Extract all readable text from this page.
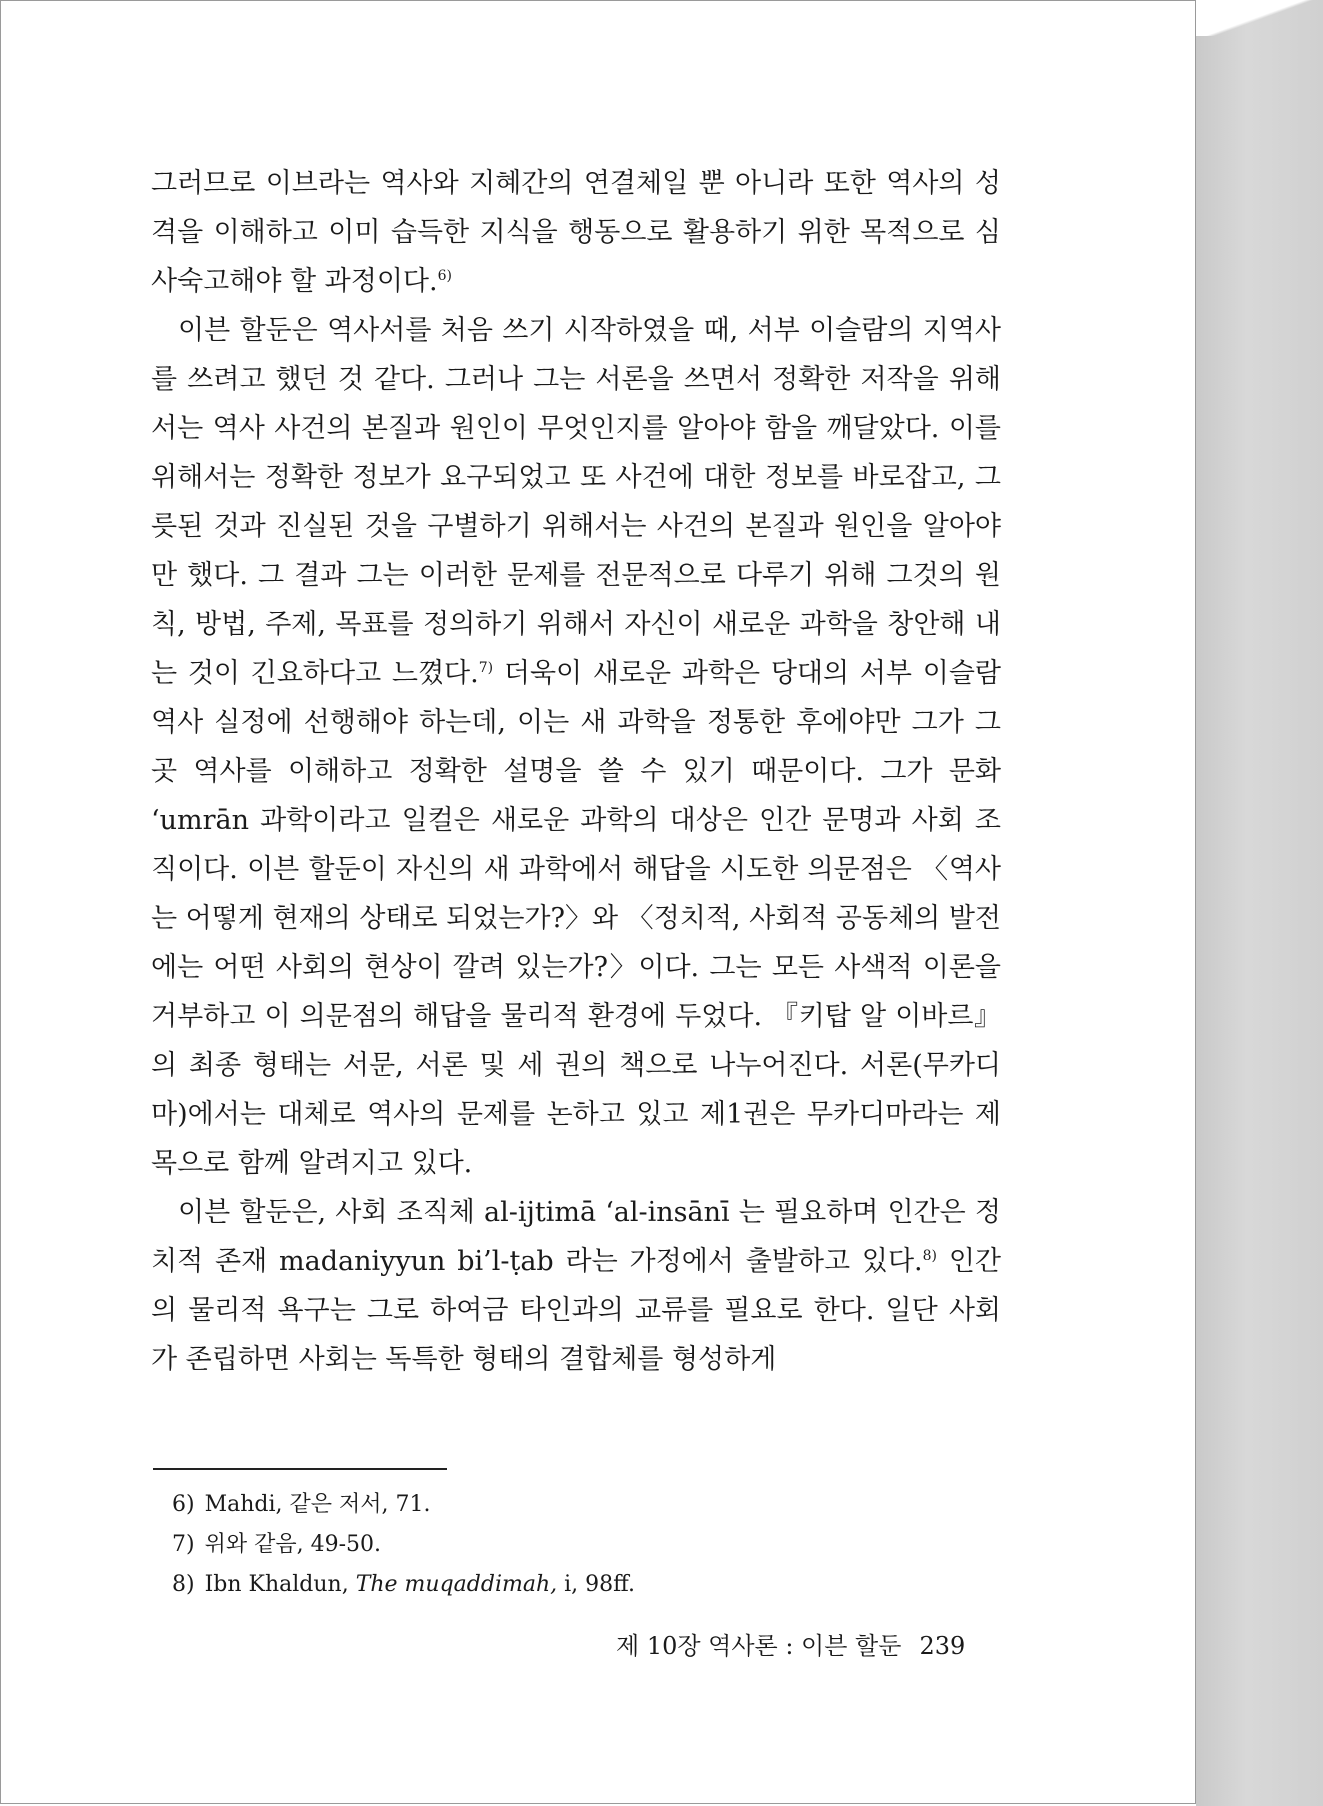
그러므로 이브라는 역사와 지혜간의 연결체일 뿐 아니라 또한 역사의 성격을 이해하고 이미 습득한 지식을 행동으로 활용하기 위한 목적으로 심사숙고해야 할 과정이다.$^{6)}$

이븐 할둔은 역사서를 처음 쓰기 시작하였을 때, 서부 이슬람의 지역사를 쓰려고 했던 것 같다. 그러나 그는 서론을 쓰면서 정확한 저작을 위해서는 역사 사건의 본질과 원인이 무엇인지를 알아야 함을 깨달았다. 이를 위해서는 정확한 정보가 요구되었고 또 사건에 대한 정보를 바로잡고, 그릇된 것과 진실된 것을 구별하기 위해서는 사건의 본질과 원인을 알아야만 했다. 그 결과 그는 이러한 문제를 전문적으로 다루기 위해 그것의 원칙, 방법, 주제, 목표를 정의하기 위해서 자신이 새로운 과학을 창안해 내는 것이 긴요하다고 느꼈다.$^{7)}$ 더욱이 새로운 과학은 당대의 서부 이슬람 역사 실정에 선행해야 하는데, 이는 새 과학을 정통한 후에야만 그가 그곳 역사를 이해하고 정확한 설명을 쓸 수 있기 때문이다. 그가 문화 ‘umrān 과학이라고 일컬은 새로운 과학의 대상은 인간 문명과 사회 조직이다. 이븐 할둔이 자신의 새 과학에서 해답을 시도한 의문점은 〈역사는 어떻게 현재의 상태로 되었는가?〉와 〈정치적, 사회적 공동체의 발전에는 어떤 사회의 현상이 깔려 있는가?〉이다. 그는 모든 사색적 이론을 거부하고 이 의문점의 해답을 물리적 환경에 두었다. 『키탑 알 이바르』의 최종 형태는 서문, 서론 및 세 권의 책으로 나누어진다. 서론(무카디마)에서는 대체로 역사의 문제를 논하고 있고 제1권은 무카디마라는 제목으로 함께 알려지고 있다.

이븐 할둔은, 사회 조직체 al-ijtimā ‘al-insānī 는 필요하며 인간은 정치적 존재 madaniyyun bi’l-ṭab 라는 가정에서 출발하고 있다.$^{8)}$ 인간의 물리적 욕구는 그로 하여금 타인과의 교류를 필요로 한다. 일단 사회가 존립하면 사회는 독특한 형태의 결합체를 형성하게

6) Mahdi, 같은 저서, 71.

7) 위와 같음, 49-50.

8) Ibn Khaldun, The muqaddimah, i, 98ff.

제 10장 역사론 : 이븐 할둔 239
